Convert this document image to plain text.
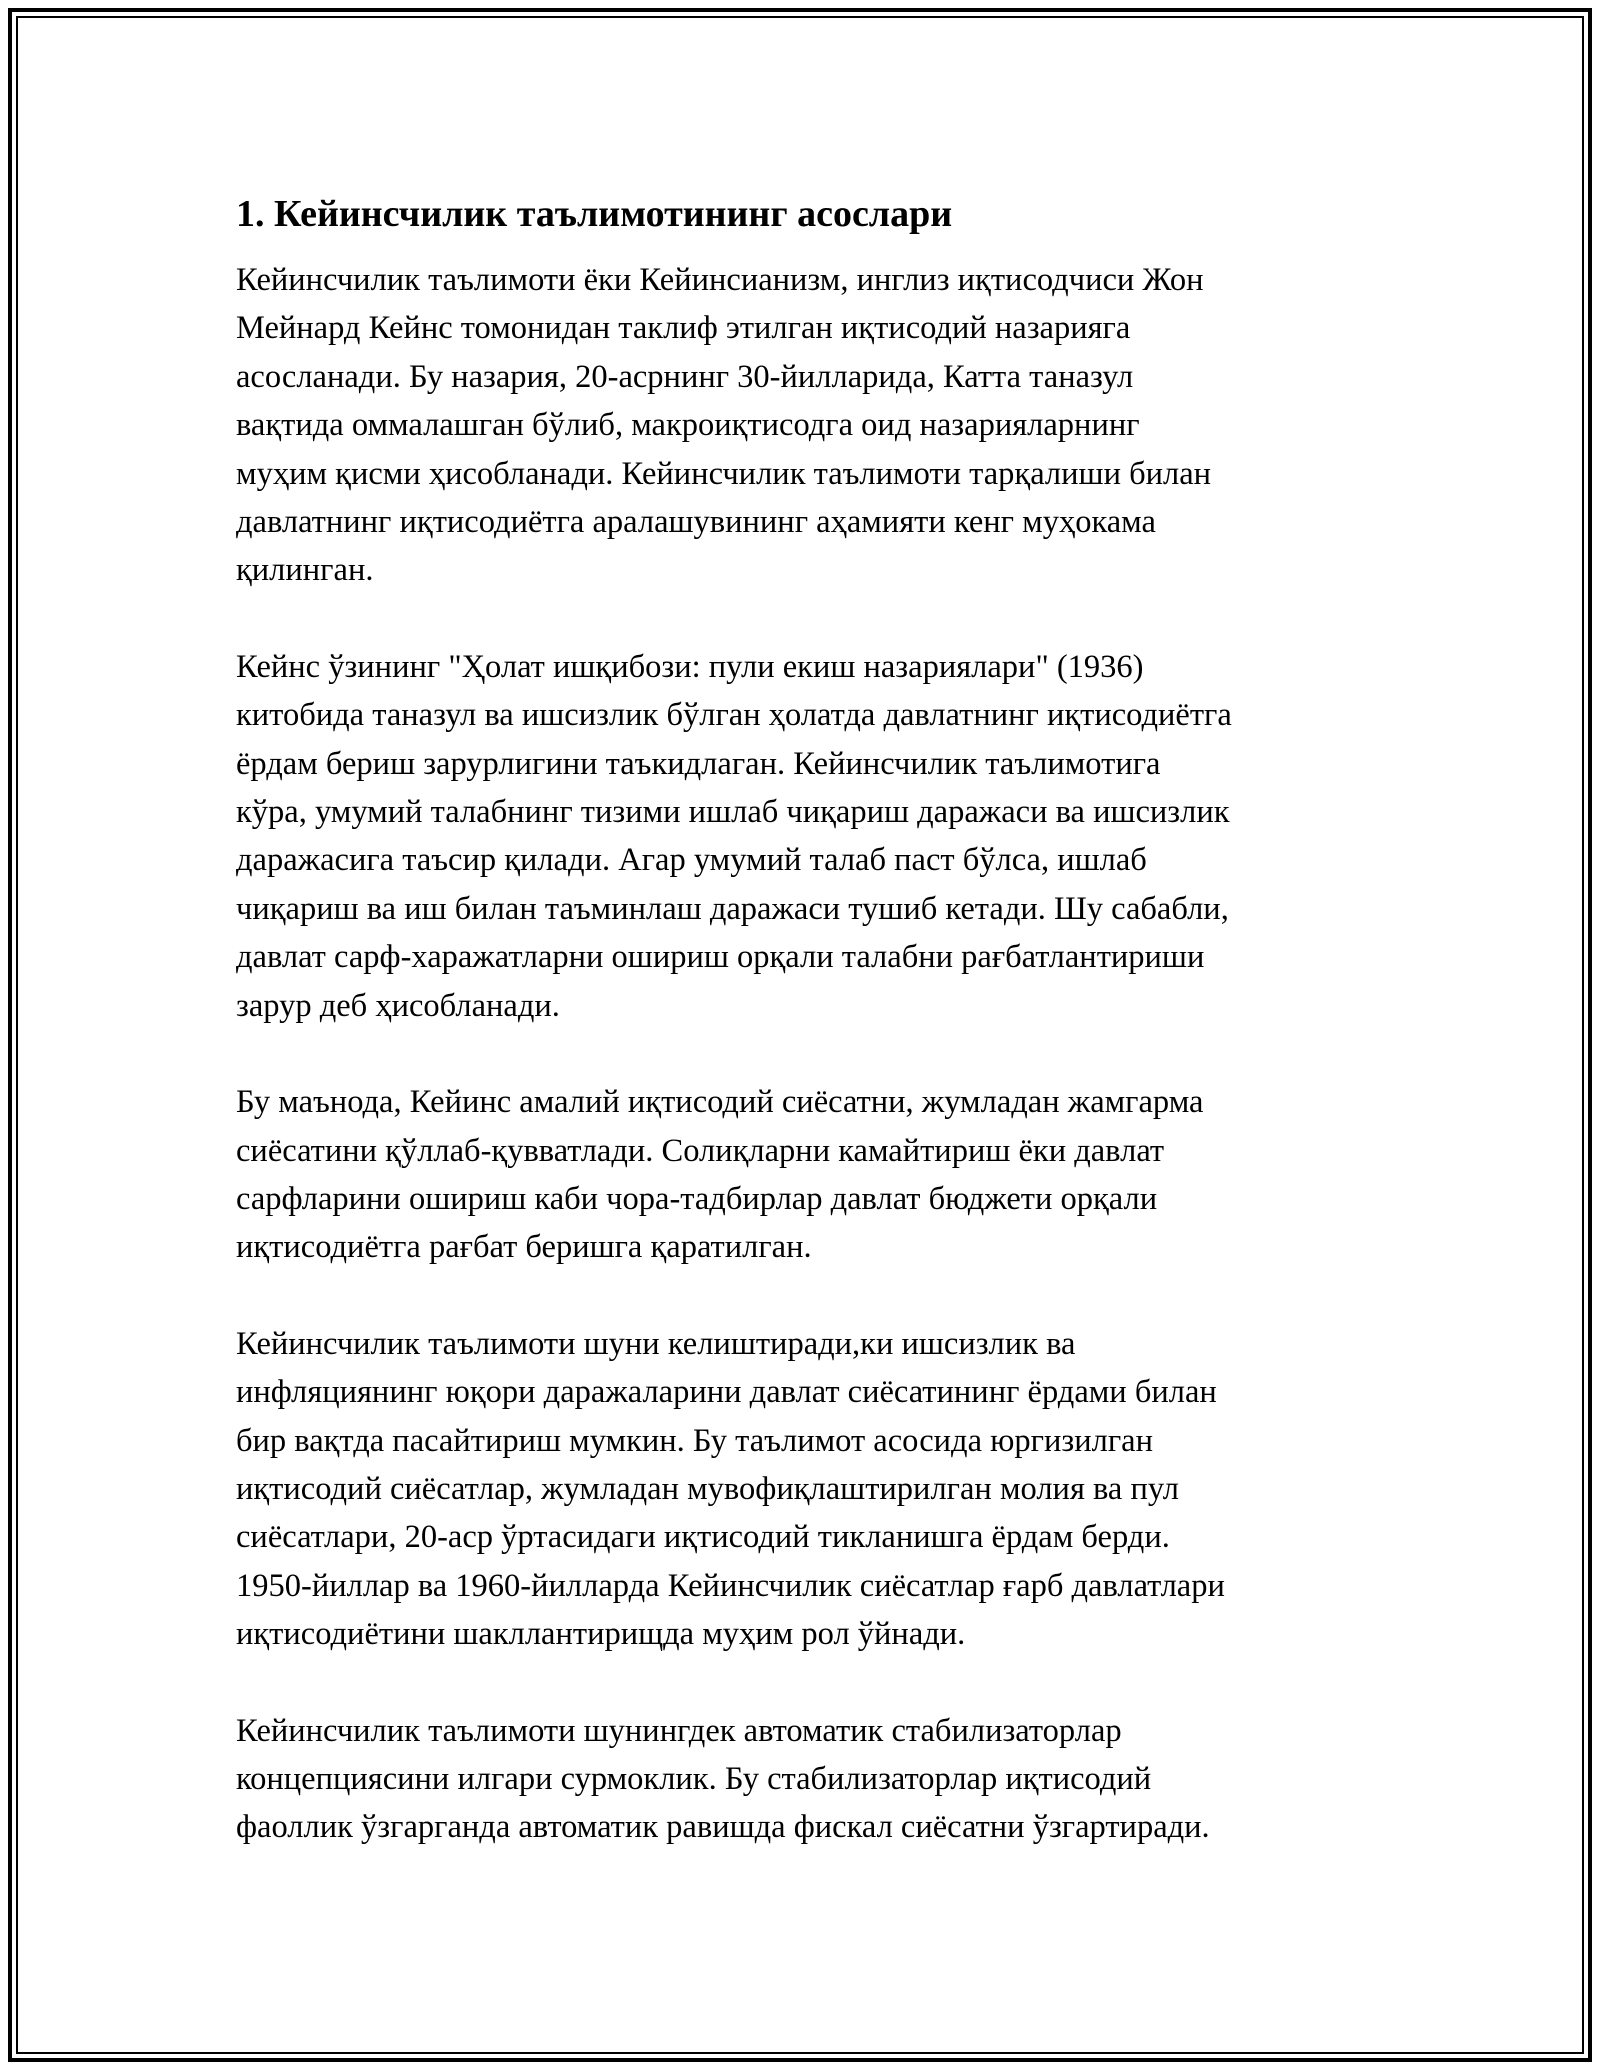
1. Кейинсчилик таълимотининг асослари

Кейинсчилик таълимоти ёки Кейинсианизм, инглиз иқтисодчиси Жон
Мейнард Кейнс томонидан таклиф этилган иқтисодий назарияга
асосланади. Бу назария, 20-асрнинг 30-йилларида, Катта таназул
вақтида оммалашган бўлиб, макроиқтисодга оид назарияларнинг
муҳим қисми ҳисобланади. Кейинсчилик таълимоти тарқалиши билан
давлатнинг иқтисодиётга аралашувининг аҳамияти кенг муҳокама
қилинган.

Кейнс ўзининг "Ҳолат ишқибози: пули екиш назариялари" (1936)
китобида таназул ва ишсизлик бўлган ҳолатда давлатнинг иқтисодиётга
ёрдам бериш зарурлигини таъкидлаган. Кейинсчилик таълимотига
кўра, умумий талабнинг тизими ишлаб чиқариш даражаси ва ишсизлик
даражасига таъсир қилади. Агар умумий талаб паст бўлса, ишлаб
чиқариш ва иш билан таъминлаш даражаси тушиб кетади. Шу сабабли,
давлат сарф-харажатларни ошириш орқали талабни рағбатлантириши
зарур деб ҳисобланади.

Бу маънода, Кейинс амалий иқтисодий сиёсатни, жумладан жамгарма
сиёсатини қўллаб-қувватлади. Солиқларни камайтириш ёки давлат
сарфларини ошириш каби чора-тадбирлар давлат бюджети орқали
иқтисодиётга рағбат беришга қаратилган.

Кейинсчилик таълимоти шуни келиштиради,ки ишсизлик ва
инфляциянинг юқори даражаларини давлат сиёсатининг ёрдами билан
бир вақтда пасайтириш мумкин. Бу таълимот асосида юргизилган
иқтисодий сиёсатлар, жумладан мувофиқлаштирилган молия ва пул
сиёсатлари, 20-аср ўртасидаги иқтисодий тикланишга ёрдам берди.
1950-йиллар ва 1960-йилларда Кейинсчилик сиёсатлар ғарб давлатлари
иқтисодиётини шакллантирищда муҳим рол ўйнади.

Кейинсчилик таълимоти шунингдек автоматик стабилизаторлар
концепциясини илгари сурмоклик. Бу стабилизаторлар иқтисодий
фаоллик ўзгарганда автоматик равишда фискал сиёсатни ўзгартиради.
